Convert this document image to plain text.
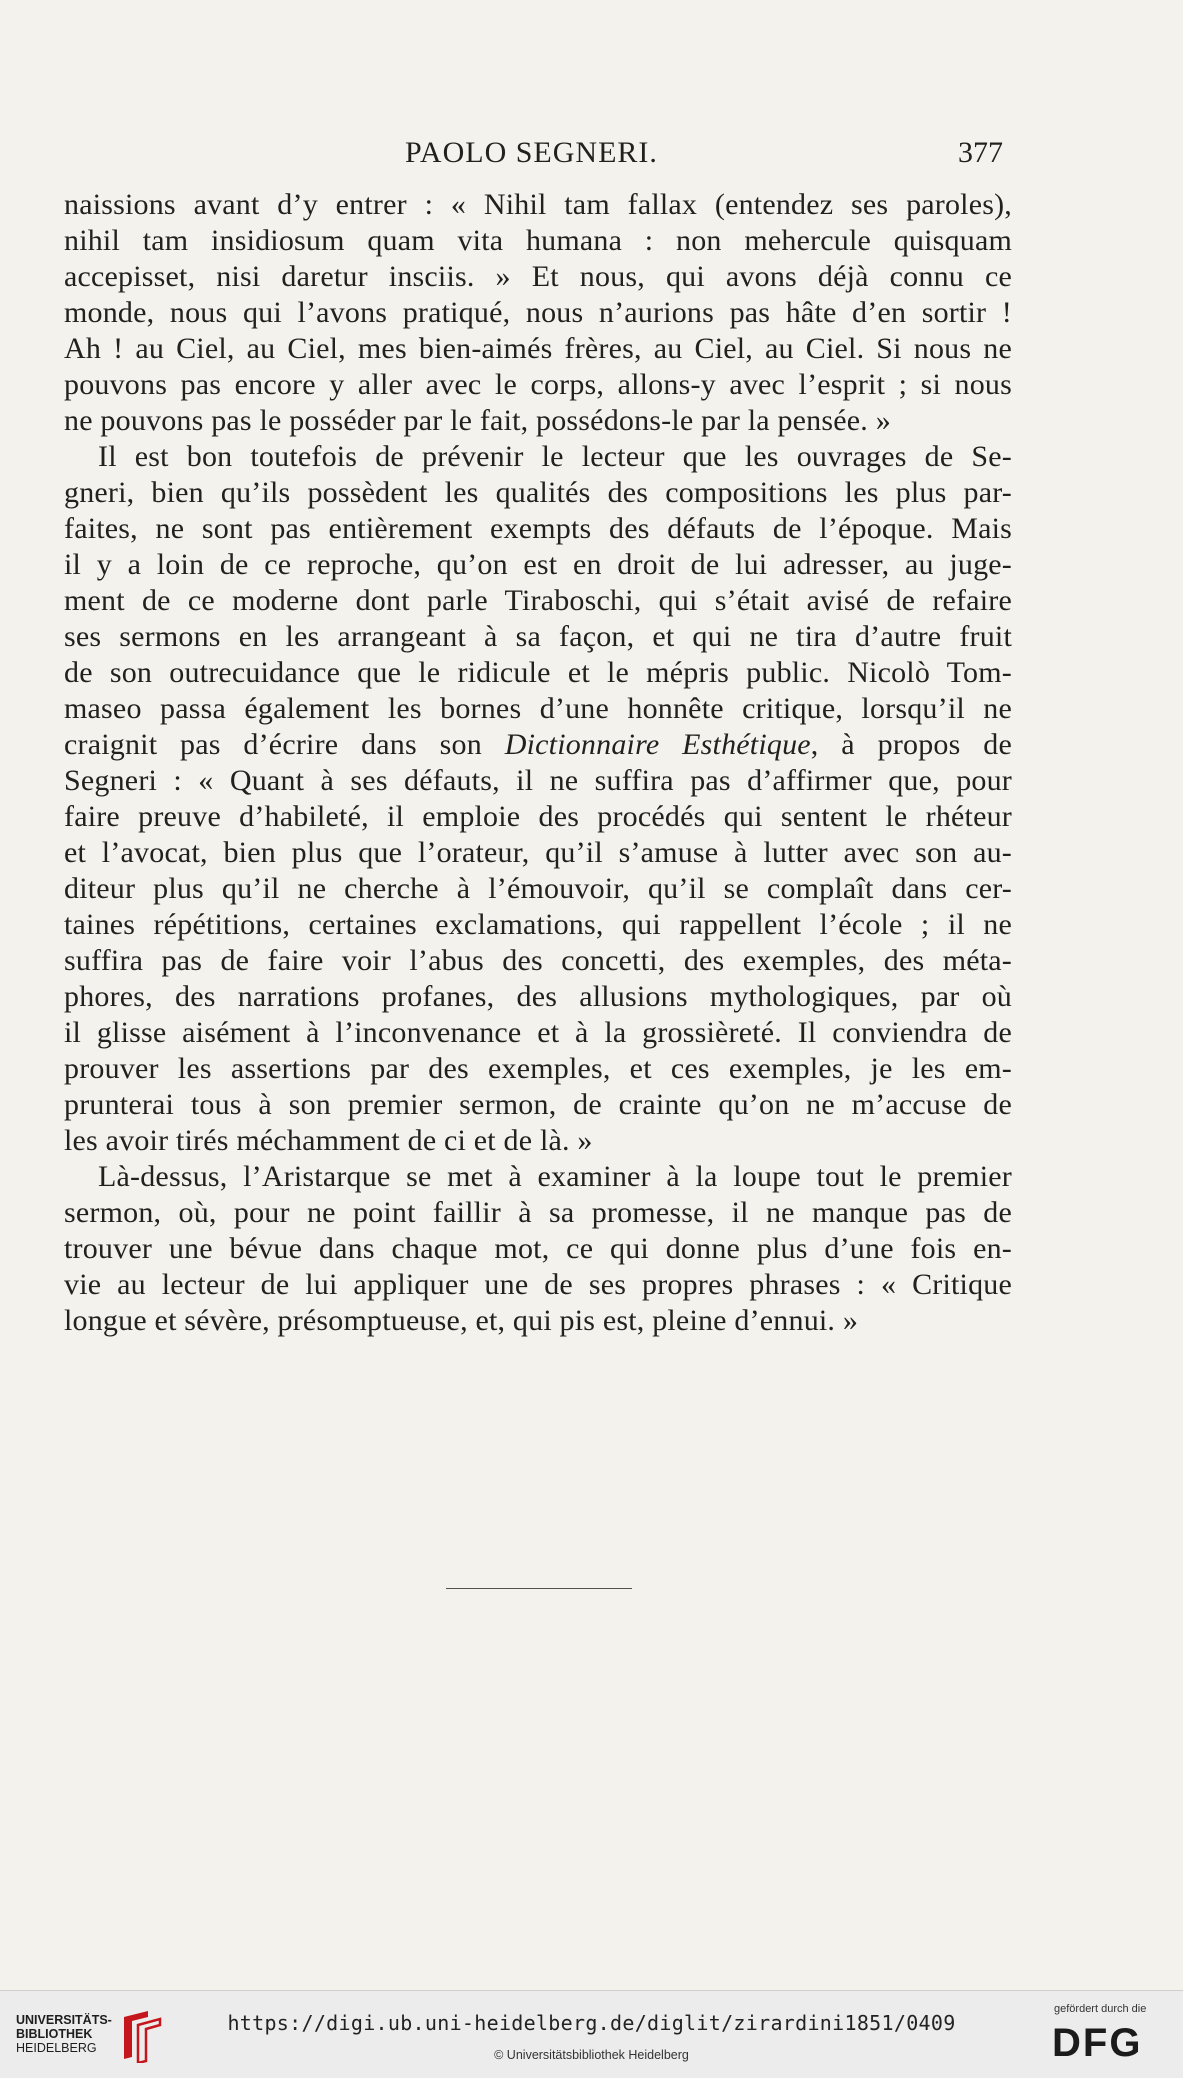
PAOLO SEGNERI.	377
naissions avant d’y entrer : « Nihil tam fallax (entendez ses paroles),
nihil tam insidiosum quam vita humana : non mehercule quisquam
accepisset, nisi daretur insciis. » Et nous, qui avons déjà connu ce
monde, nous qui l’avons pratiqué, nous n’aurions pas hâte d’en sortir !
Ah ! au Ciel, au Ciel, mes bien-aimés frères, au Ciel, au Ciel. Si nous ne
pouvons pas encore y aller avec le corps, allons-y avec l’esprit ; si nous
ne pouvons pas le posséder par le fait, possédons-le par la pensée. »
Il est bon toutefois de prévenir le lecteur que les ouvrages de Se-
gneri, bien qu’ils possèdent les qualités des compositions les plus par-
faites, ne sont pas entièrement exempts des défauts de l’époque. Mais
il y a loin de ce reproche, qu’on est en droit de lui adresser, au juge-
ment de ce moderne dont parle Tiraboschi, qui s’était avisé de refaire
ses sermons en les arrangeant à sa façon, et qui ne tira d’autre fruit
de son outrecuidance que le ridicule et le mépris public. Nicolò Tom-
maseo passa également les bornes d’une honnête critique, lorsqu’il ne
craignit pas d’écrire dans son Dictionnaire Esthétique, à propos de
Segneri : « Quant à ses défauts, il ne suffira pas d’affirmer que, pour
faire preuve d’habileté, il emploie des procédés qui sentent le rhéteur
et l’avocat, bien plus que l’orateur, qu’il s’amuse à lutter avec son au-
diteur plus qu’il ne cherche à l’émouvoir, qu’il se complaît dans cer-
taines répétitions, certaines exclamations, qui rappellent l’école ; il ne
suffira pas de faire voir l’abus des concetti, des exemples, des méta-
phores, des narrations profanes, des allusions mythologiques, par où
il glisse aisément à l’inconvenance et à la grossièreté. Il conviendra de
prouver les assertions par des exemples, et ces exemples, je les em-
prunterai tous à son premier sermon, de crainte qu’on ne m’accuse de
les avoir tirés méchamment de ci et de là. »
Là-dessus, l’Aristarque se met à examiner à la loupe tout le premier
sermon, où, pour ne point faillir à sa promesse, il ne manque pas de
trouver une bévue dans chaque mot, ce qui donne plus d’une fois en-
vie au lecteur de lui appliquer une de ses propres phrases : « Critique
longue et sévère, présomptueuse, et, qui pis est, pleine d’ennui. »
UNIVERSITÄTS-
BIBLIOTHEK
HEIDELBERG
https://digi.ub.uni-heidelberg.de/diglit/zirardini1851/0409
© Universitätsbibliothek Heidelberg
gefördert durch die
DFG
